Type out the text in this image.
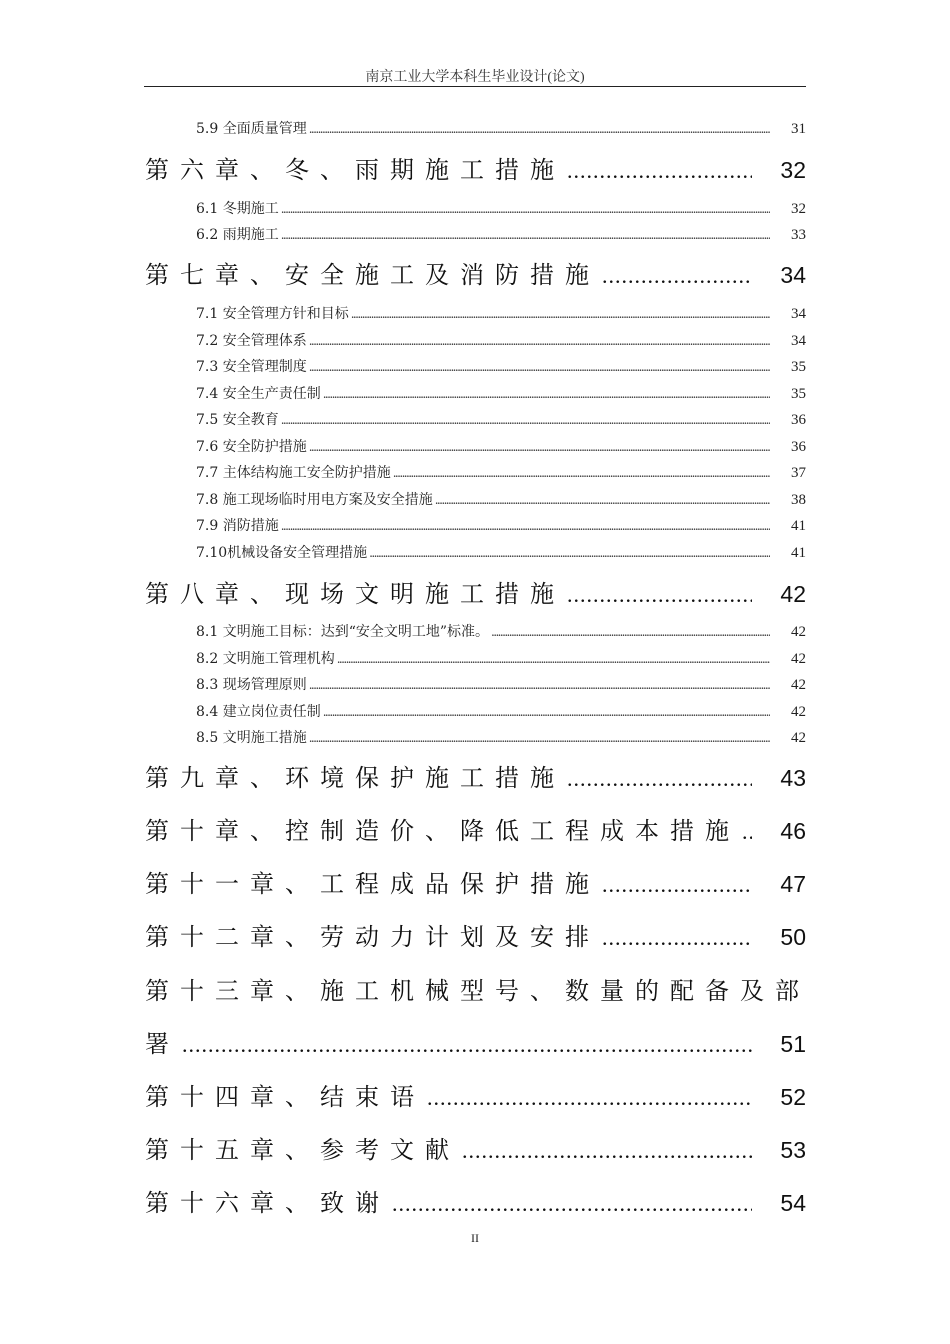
南京工业大学本科生毕业设计(论文)
5.9 全面质量管理 .....	31
第六章、冬、雨期施工措施 .....	32
6.1 冬期施工 .....	32
6.2 雨期施工 .....	33
第七章、安全施工及消防措施 .....	34
7.1 安全管理方针和目标 .....	34
7.2 安全管理体系 .....	34
7.3 安全管理制度 .....	35
7.4 安全生产责任制 .....	35
7.5 安全教育 .....	36
7.6 安全防护措施 .....	36
7.7 主体结构施工安全防护措施 .....	37
7.8 施工现场临时用电方案及安全措施 .....	38
7.9 消防措施 .....	41
7.10机械设备安全管理措施 .....	41
第八章、现场文明施工措施 .....	42
8.1 文明施工目标：达到“安全文明工地”标准。 .....	42
8.2 文明施工管理机构 .....	42
8.3 现场管理原则 .....	42
8.4 建立岗位责任制 .....	42
8.5 文明施工措施 .....	42
第九章、环境保护施工措施 .....	43
第十章、控制造价、降低工程成本措施 .....	46
第十一章、工程成品保护措施 .....	47
第十二章、劳动力计划及安排 .....	50
第十三章、施工机械型号、数量的配备及部
署 .....	51
第十四章、结束语 .....	52
第十五章、参考文献 .....	53
第十六章、致谢 .....	54
II
